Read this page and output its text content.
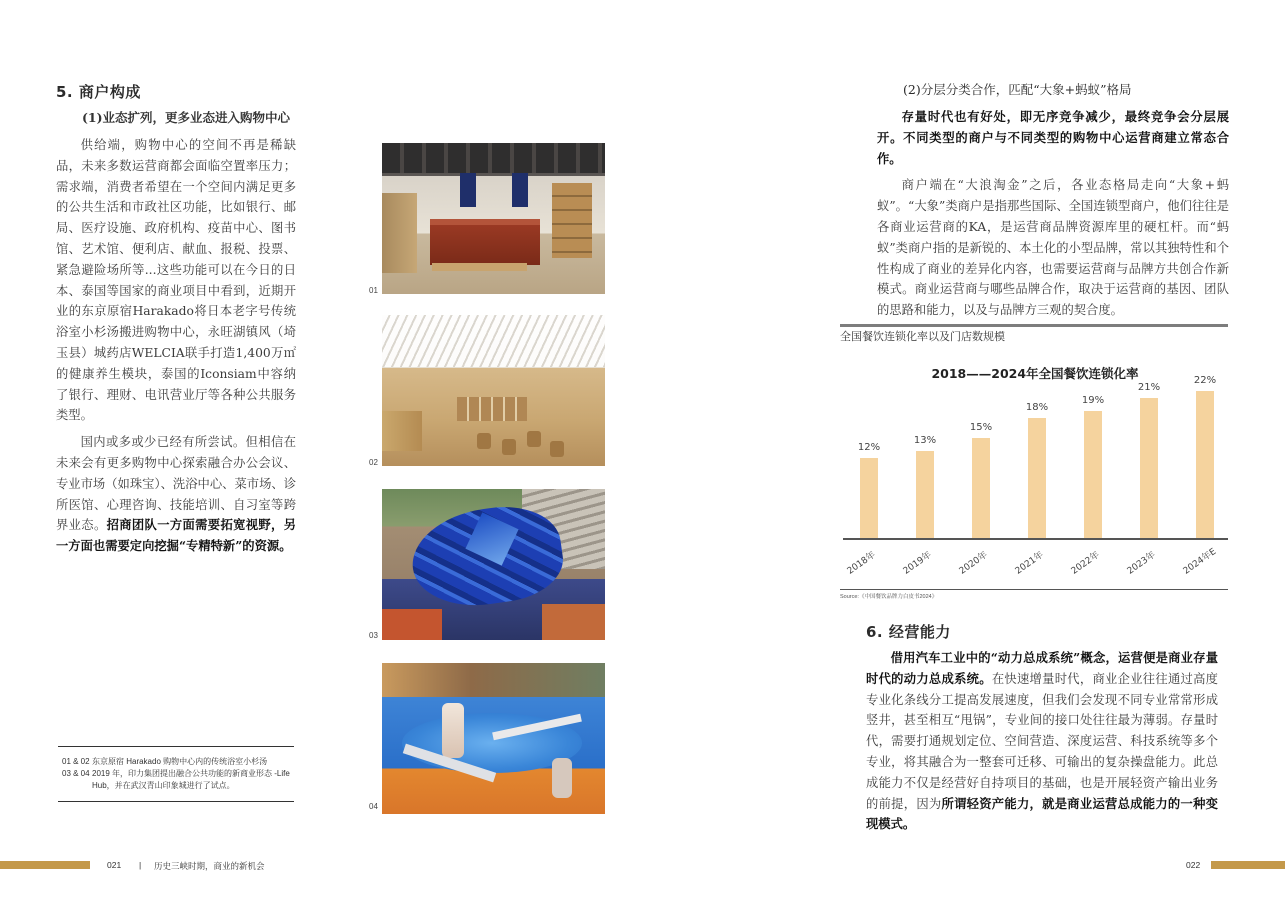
5. 商户构成
(1)业态扩列，更多业态进入购物中心

供给端，购物中心的空间不再是稀缺品，未来多数运营商都会面临空置率压力；需求端，消费者希望在一个空间内满足更多的公共生活和市政社区功能，比如银行、邮局、医疗设施、政府机构、疫苗中心、图书馆、艺术馆、便利店、献血、报税、投票、紧急避险场所等...这些功能可以在今日的日本、泰国等国家的商业项目中看到，近期开业的东京原宿Harakado将日本老字号传统浴室小杉汤搬进购物中心，永旺湖镇风（埼玉县）城药店WELCIA联手打造1,400万㎡的健康养生模块，泰国的Iconsiam中容纳了银行、理财、电讯营业厅等各种公共服务类型。

国内或多或少已经有所尝试。但相信在未来会有更多购物中心探索融合办公会议、专业市场（如珠宝）、洗浴中心、菜市场、诊所医馆、心理咨询、技能培训、自习室等跨界业态。招商团队一方面需要拓宽视野，另一方面也需要定向挖掘“专精特新”的资源。

01 & 02 东京原宿 Harakado 购物中心内的传统浴室小杉汤
03 & 04 2019 年，印力集团提出融合公共功能的新商业形态 -Life Hub，并在武汉青山印象城进行了试点。
01
02
03
04
(2)分层分类合作，匹配“大象+蚂蚁”格局

存量时代也有好处，即无序竞争减少，最终竞争会分层展开。不同类型的商户与不同类型的购物中心运营商建立常态合作。

商户端在“大浪淘金”之后，各业态格局走向“大象+蚂蚁”。“大象”类商户是指那些国际、全国连锁型商户，他们往往是各商业运营商的KA，是运营商品牌资源库里的硬杠杆。而“蚂蚁”类商户指的是新锐的、本土化的小型品牌，常以其独特性和个性构成了商业的差异化内容，也需要运营商与品牌方共创合作新模式。商业运营商与哪些品牌合作，取决于运营商的基因、团队的思路和能力，以及与品牌方三观的契合度。

全国餐饮连锁化率以及门店数规模
2018——2024年全国餐饮连锁化率
Source:《中国餐饮品牌力白皮书2024》
6. 经营能力

借用汽车工业中的“动力总成系统”概念，运营便是商业存量时代的动力总成系统。在快速增量时代，商业企业往往通过高度专业化条线分工提高发展速度，但我们会发现不同专业常常形成竖井，甚至相互“甩锅”，专业间的接口处往往最为薄弱。存量时代，需要打通规划定位、空间营造、深度运营、科技系统等多个专业，将其融合为一整套可迁移、可输出的复杂操盘能力。此总成能力不仅是经营好自持项目的基础，也是开展轻资产输出业务的前提，因为所谓轻资产能力，就是商业运营总成能力的一种变现模式。

021 | 历史三峡时期，商业的新机会	022
12%
2018年
13%
2019年
15%
2020年
18%
2021年
19%
2022年
21%
2023年
22%
2024年E
